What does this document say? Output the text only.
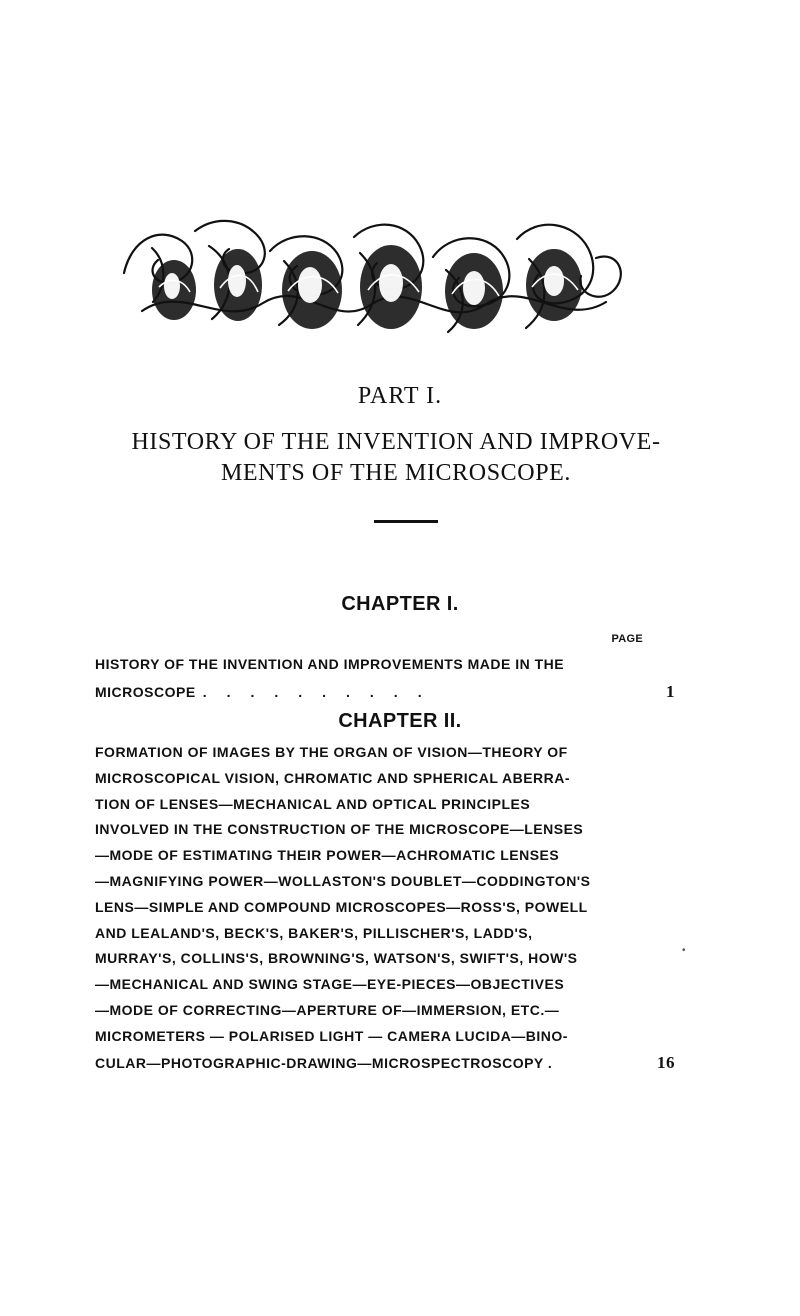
PART I.
HISTORY OF THE INVENTION AND IMPROVE-
MENTS OF THE MICROSCOPE.
CHAPTER I.
PAGE
HISTORY OF THE INVENTION AND IMPROVEMENTS MADE IN THE
MICROSCOPE ..........	1
CHAPTER II.
FORMATION OF IMAGES BY THE ORGAN OF VISION—THEORY OF
MICROSCOPICAL VISION, CHROMATIC AND SPHERICAL ABERRA-
TION OF LENSES—MECHANICAL AND OPTICAL PRINCIPLES
INVOLVED IN THE CONSTRUCTION OF THE MICROSCOPE—LENSES
—MODE OF ESTIMATING THEIR POWER—ACHROMATIC LENSES
—MAGNIFYING POWER—WOLLASTON'S DOUBLET—CODDINGTON'S
LENS—SIMPLE AND COMPOUND MICROSCOPES—ROSS'S, POWELL
AND LEALAND'S, BECK'S, BAKER'S, PILLISCHER'S, LADD'S,
MURRAY'S, COLLINS'S, BROWNING'S, WATSON'S, SWIFT'S, HOW'S
—MECHANICAL AND SWING STAGE—EYE-PIECES—OBJECTIVES
—MODE OF CORRECTING—APERTURE OF—IMMERSION, ETC.—
MICROMETERS — POLARISED LIGHT — CAMERA LUCIDA—BINO-
CULAR—PHOTOGRAPHIC-DRAWING—MICROSPECTROSCOPY .	16
•
